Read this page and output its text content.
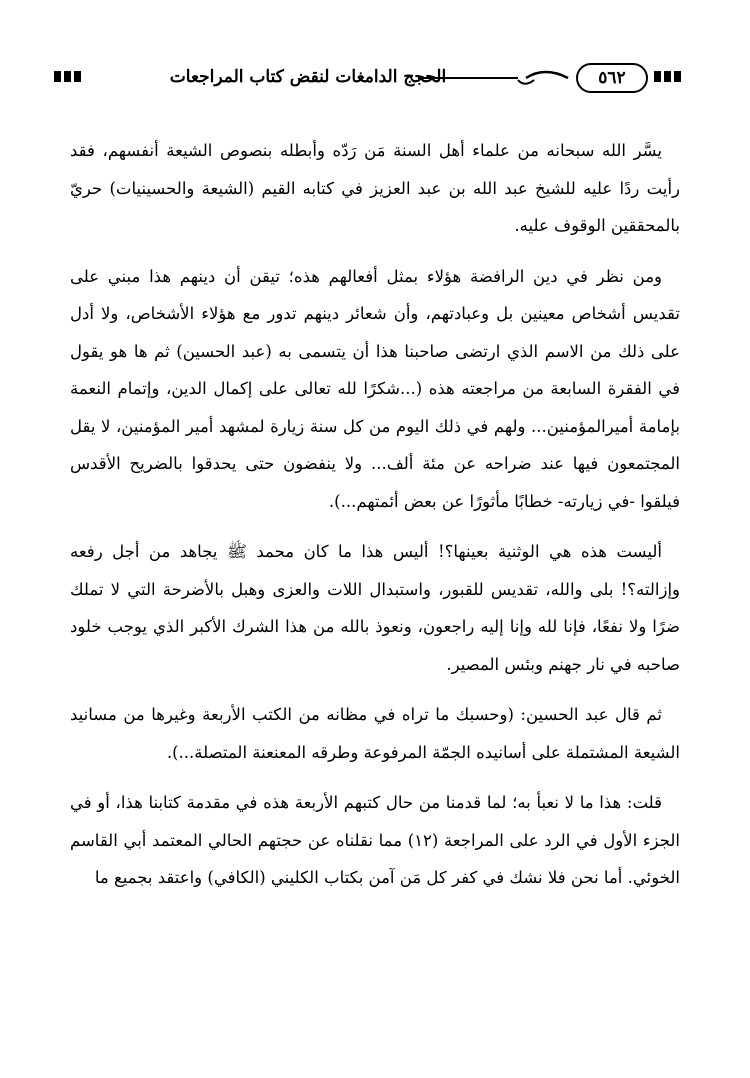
الحجج الدامغات لنقض كتاب المراجعات	٥٦٢

يسَّر الله سبحانه من علماء أهل السنة مَن رَدّه وأبطله بنصوص الشيعة أنفسهم، فقد رأيت ردًا عليه للشيخ عبد الله بن عبد العزيز في كتابه القيم (الشيعة والحسينيات) حريّ بالمحققين الوقوف عليه.

ومن نظر في دين الرافضة هؤلاء بمثل أفعالهم هذه؛ تيقن أن دينهم هذا مبني على تقديس أشخاص معينين بل وعبادتهم، وأن شعائر دينهم تدور مع هؤلاء الأشخاص، ولا أدل على ذلك من الاسم الذي ارتضى صاحبنا هذا أن يتسمى به (عبد الحسين) ثم ها هو يقول في الفقرة السابعة من مراجعته هذه (...شكرًا لله تعالى على إكمال الدين، وإتمام النعمة بإمامة أميرالمؤمنين... ولهم في ذلك اليوم من كل سنة زيارة لمشهد أمير المؤمنين، لا يقل المجتمعون فيها عند ضراحه عن مئة ألف... ولا ينفضون حتى يحدقوا بالضريح الأقدس فيلقوا -في زيارته- خطابًا مأثورًا عن بعض أئمتهم...).

أليست هذه هي الوثنية بعينها؟! أليس هذا ما كان محمد ﷺ يجاهد من أجل رفعه وإزالته؟! بلى والله، تقديس للقبور، واستبدال اللات والعزى وهبل بالأضرحة التي لا تملك ضرًا ولا نفعًا، فإنا لله وإنا إليه راجعون، ونعوذ بالله من هذا الشرك الأكبر الذي يوجب خلود صاحبه في نار جهنم وبئس المصير.

ثم قال عبد الحسين: (وحسبك ما تراه في مظانه من الكتب الأربعة وغيرها من مسانيد الشيعة المشتملة على أسانيده الجمّة المرفوعة وطرقه المعنعنة المتصلة...).

قلت: هذا ما لا نعبأ به؛ لما قدمنا من حال كتبهم الأربعة هذه في مقدمة كتابنا هذا، أو في الجزء الأول في الرد على المراجعة (١٢) مما نقلناه عن حجتهم الحالي المعتمد أبي القاسم الخوئي. أما نحن فلا نشك في كفر كل مَن آمن بكتاب الكليني (الكافي) واعتقد بجميع ما
